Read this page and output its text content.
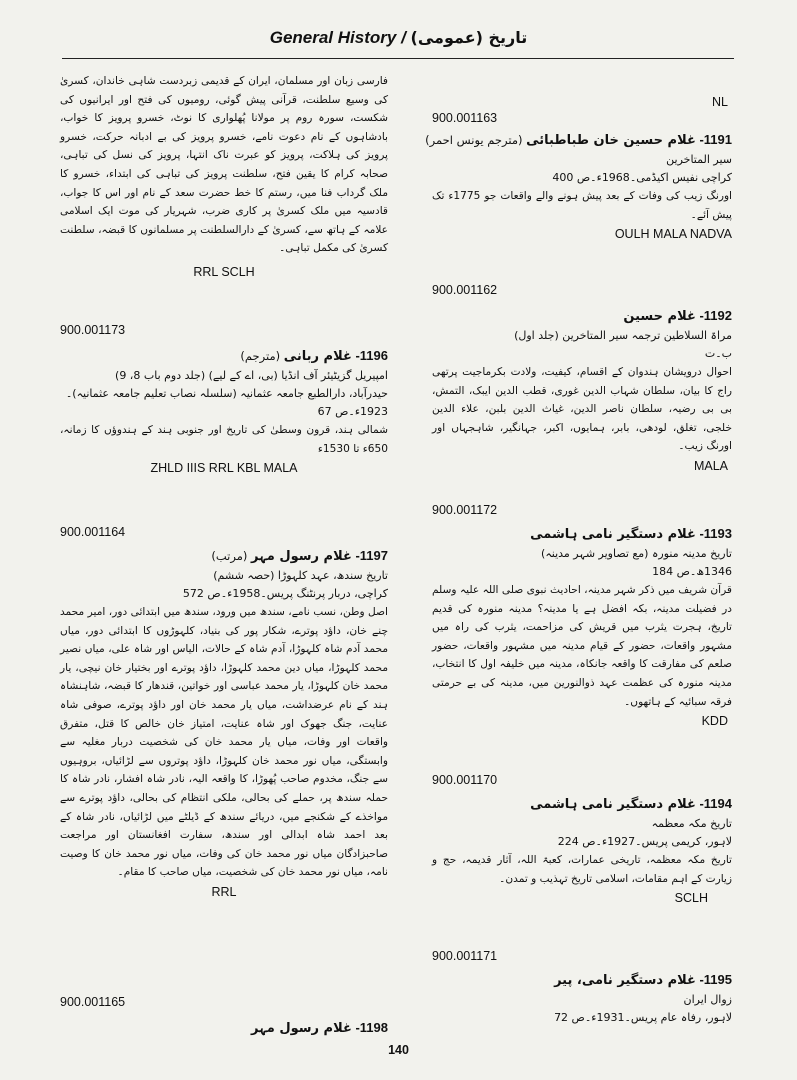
General History / تاریخ (عمومی)
فارسی زبان اور مسلمان، ایران کے قدیمی زبردست شاہی خاندان، کسریٰ کی وسیع سلطنت، قرآنی پیش گوئی، رومیوں کی فتح اور ایرانیوں کی شکست، سورہ روم پر مولانا پُھلواری کا نوٹ، خسرو پرویز کا خواب، بادشاہوں کے نام دعوت نامے، خسرو پرویز کی بے ادبانہ حرکت، خسرو پرویز کی ہلاکت، پرویز کو عبرت ناک انتہا، پرویز کی نسل کی تباہی، صحابہ کرام کا یقین فتح، سلطنت پرویز کی تباہی کی ابتداء، خسرو کا ملک گرداب فنا میں، رستم کا خط حضرت سعد کے نام اور اس کا جواب، قادسیہ میں ملک کسریٰ پر کاری ضرب، شہریار کی موت ایک اسلامی علامہ کے ہاتھ سے، کسریٰ کے دارالسلطنت پر مسلمانوں کا قبضہ، سلطنت کسریٰ کی مکمل تباہی۔
RRL SCLH
900.001173
1196- غلام ربانی (مترجم)
امپیریل گزیٹیئر آف انڈیا (بی، اے کے لیے) (جلد دوم باب 8، 9)
حیدرآباد، دارالطبع جامعہ عثمانیہ (سلسلہ نصاب تعلیم جامعہ عثمانیہ)۔
1923ء۔ص 67
شمالی ہند، قرون وسطیٰ کی تاریخ اور جنوبی ہند کے ہندوؤں کا زمانہ، 650ء تا 1530ء
ZHLD IIIS RRL KBL MALA
900.001164
1197- غلام رسول مہر (مرتب)
تاریخ سندھ، عہد کلہوڑا (حصہ ششم)
کراچی، دربار پرنٹنگ پریس۔1958ء۔ص 572
اصل وطن، نسب نامے، سندھ میں ورود، سندھ میں ابتدائی دور، امیر محمد چنے خان، داؤد پوترے، شکار پور کی بنیاد، کلہوڑوں کا ابتدائی دور، میاں محمد آدم شاہ کلہوڑا، آدم شاہ کے حالات، الیاس اور شاہ علی، میاں نصیر محمد کلہوڑا، میاں دین محمد کلہوڑا، داؤد پوترے اور بختیار خان نیچی، یار محمد خان کلہوڑا، یار محمد عباسی اور خواتین، قندھار کا قبضہ، شاہنشاہ ہند کے نام عرضداشت، میاں یار محمد خان اور داؤد پوترے، صوفی شاہ عنایت، جنگ جھوک اور شاہ عنایت، امتیاز خان خالص کا قتل، متفرق واقعات اور وفات، میاں یار محمد خان کی شخصیت دربار مغلیہ سے وابستگی، میاں نور محمد خان کلہوڑا، داؤد پوتروں سے لڑائیاں، بروہیوں سے جنگ، مخدوم صاحب پُھوڑا، کا واقعہ الیہ، نادر شاہ افشار، نادر شاہ کا حملہ سندھ پر، حملے کی بحالی، ملکی انتظام کی بحالی، داؤد پوترے سے مواخذے کے شکنجے میں، دریائے سندھ کے ڈیلٹے میں لڑائیاں، نادر شاہ کے بعد احمد شاہ ابدالی اور سندھ، سفارت افغانستان اور مراجعت صاحبزادگان میاں نور محمد خان کی وفات، میاں نور محمد خان کا وصیت نامہ، میاں نور محمد خان کی شخصیت، میاں صاحب کا مقام۔
RRL
900.001165
1198- غلام رسول مہر
NL
900.001163
1191- غلام حسین خان طباطبائی (مترجم یونس احمر)
سیر المتاخرین
کراچی نفیس اکیڈمی۔1968ء۔ص 400
اورنگ زیب کی وفات کے بعد پیش ہونے والے واقعات جو 1775ء تک پیش آئے۔
OULH MALA NADVA
900.001162
1192- غلام حسین
مراۃ السلاطین ترجمہ سیر المتاخرین (جلد اول)
ب۔ت
احوال درویشان ہندوان کے اقسام، کیفیت، ولادت بکرماجیت پرتھی راج کا بیان، سلطان شہاب الدین غوری، قطب الدین ایبک، التمش، بی بی رضیہ، سلطان ناصر الدین، غیاث الدین بلبن، علاء الدین خلجی، تغلق، لودھی، بابر، ہمایوں، اکبر، جہانگیر، شاہجہاں اور اورنگ زیب۔
MALA
900.001172
1193- غلام دستگیر نامی ہاشمی
تاریخ مدینہ منورہ (مع تصاویر شہر مدینہ)
1346ھ۔ص 184
قرآن شریف میں ذکر شہر مدینہ، احادیث نبوی صلی اللہ علیہ وسلم در فضیلت مدینہ، بکہ افضل ہے یا مدینہ؟ مدینہ منورہ کی قدیم تاریخ، ہجرت یثرب میں قریش کی مزاحمت، یثرب کی راہ میں مشہور واقعات، حضور کے قیام مدینہ میں مشہور واقعات، حضور صلعم کی مفارقت کا واقعہ جانکاہ، مدینہ میں خلیفہ اول کا انتخاب، مدینہ منورہ کی عظمت عہد ذوالنورین میں، مدینہ کی بے حرمتی فرقہ سبائیہ کے ہاتھوں۔
KDD
900.001170
1194- غلام دستگیر نامی ہاشمی
تاریخ مکہ معظمہ
لاہور، کریمی پریس۔1927ء۔ص 224
تاریخ مکہ معظمہ، تاریخی عمارات، کعبۃ اللہ، آثار قدیمہ، حج و زیارت کے اہم مقامات، اسلامی تاریخ تہذیب و تمدن۔
SCLH
900.001171
1195- غلام دستگیر نامی، پیر
زوال ایران
لاہور، رفاہ عام پریس۔1931ء۔ص 72
140
